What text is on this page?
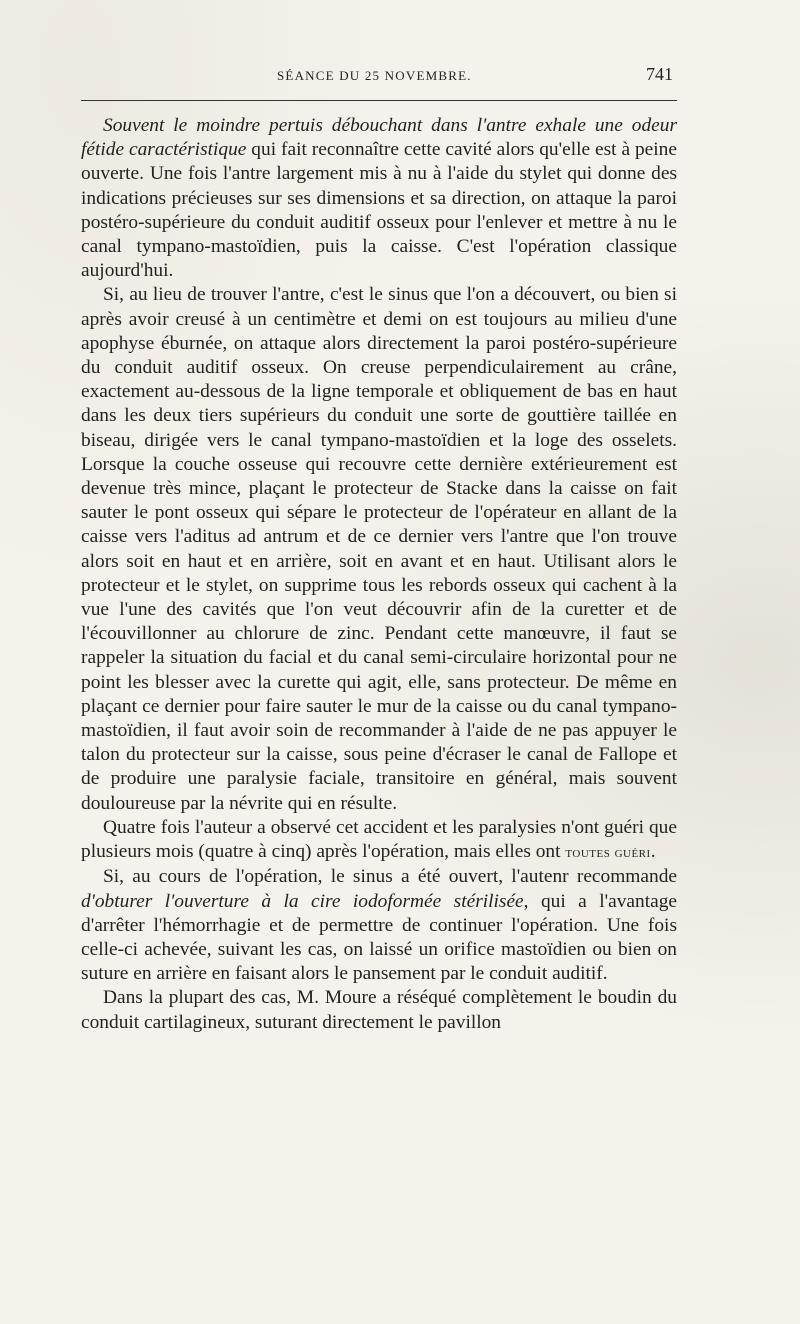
SÉANCE DU 25 NOVEMBRE.	741

Souvent le moindre pertuis débouchant dans l'antre exhale une odeur fétide caractéristique qui fait reconnaître cette cavité alors qu'elle est à peine ouverte. Une fois l'antre largement mis à nu à l'aide du stylet qui donne des indications précieuses sur ses dimensions et sa direction, on attaque la paroi postéro-supérieure du conduit auditif osseux pour l'enlever et mettre à nu le canal tympano-mastoïdien, puis la caisse. C'est l'opération classique aujourd'hui.

Si, au lieu de trouver l'antre, c'est le sinus que l'on a découvert, ou bien si après avoir creusé à un centimètre et demi on est toujours au milieu d'une apophyse éburnée, on attaque alors directement la paroi postéro-supérieure du conduit auditif osseux. On creuse perpendiculairement au crâne, exactement au-dessous de la ligne temporale et obliquement de bas en haut dans les deux tiers supérieurs du conduit une sorte de gouttière taillée en biseau, dirigée vers le canal tympano-mastoïdien et la loge des osselets. Lorsque la couche osseuse qui recouvre cette dernière extérieurement est devenue très mince, plaçant le protecteur de Stacke dans la caisse on fait sauter le pont osseux qui sépare le protecteur de l'opérateur en allant de la caisse vers l'aditus ad antrum et de ce dernier vers l'antre que l'on trouve alors soit en haut et en arrière, soit en avant et en haut. Utilisant alors le protecteur et le stylet, on supprime tous les rebords osseux qui cachent à la vue l'une des cavités que l'on veut découvrir afin de la curetter et de l'écouvillonner au chlorure de zinc. Pendant cette manœuvre, il faut se rappeler la situation du facial et du canal semi-circulaire horizontal pour ne point les blesser avec la curette qui agit, elle, sans protecteur. De même en plaçant ce dernier pour faire sauter le mur de la caisse ou du canal tympano-mastoïdien, il faut avoir soin de recommander à l'aide de ne pas appuyer le talon du protecteur sur la caisse, sous peine d'écraser le canal de Fallope et de produire une paralysie faciale, transitoire en général, mais souvent douloureuse par la névrite qui en résulte.

Quatre fois l'auteur a observé cet accident et les paralysies n'ont guéri que plusieurs mois (quatre à cinq) après l'opération, mais elles ont toutes guéri.

Si, au cours de l'opération, le sinus a été ouvert, l'autenr recommande d'obturer l'ouverture à la cire iodoformée stérilisée, qui a l'avantage d'arrêter l'hémorrhagie et de permettre de continuer l'opération. Une fois celle-ci achevée, suivant les cas, on laissé un orifice mastoïdien ou bien on suture en arrière en faisant alors le pansement par le conduit auditif.

Dans la plupart des cas, M. Moure a réséqué complètement le boudin du conduit cartilagineux, suturant directement le pavillon
